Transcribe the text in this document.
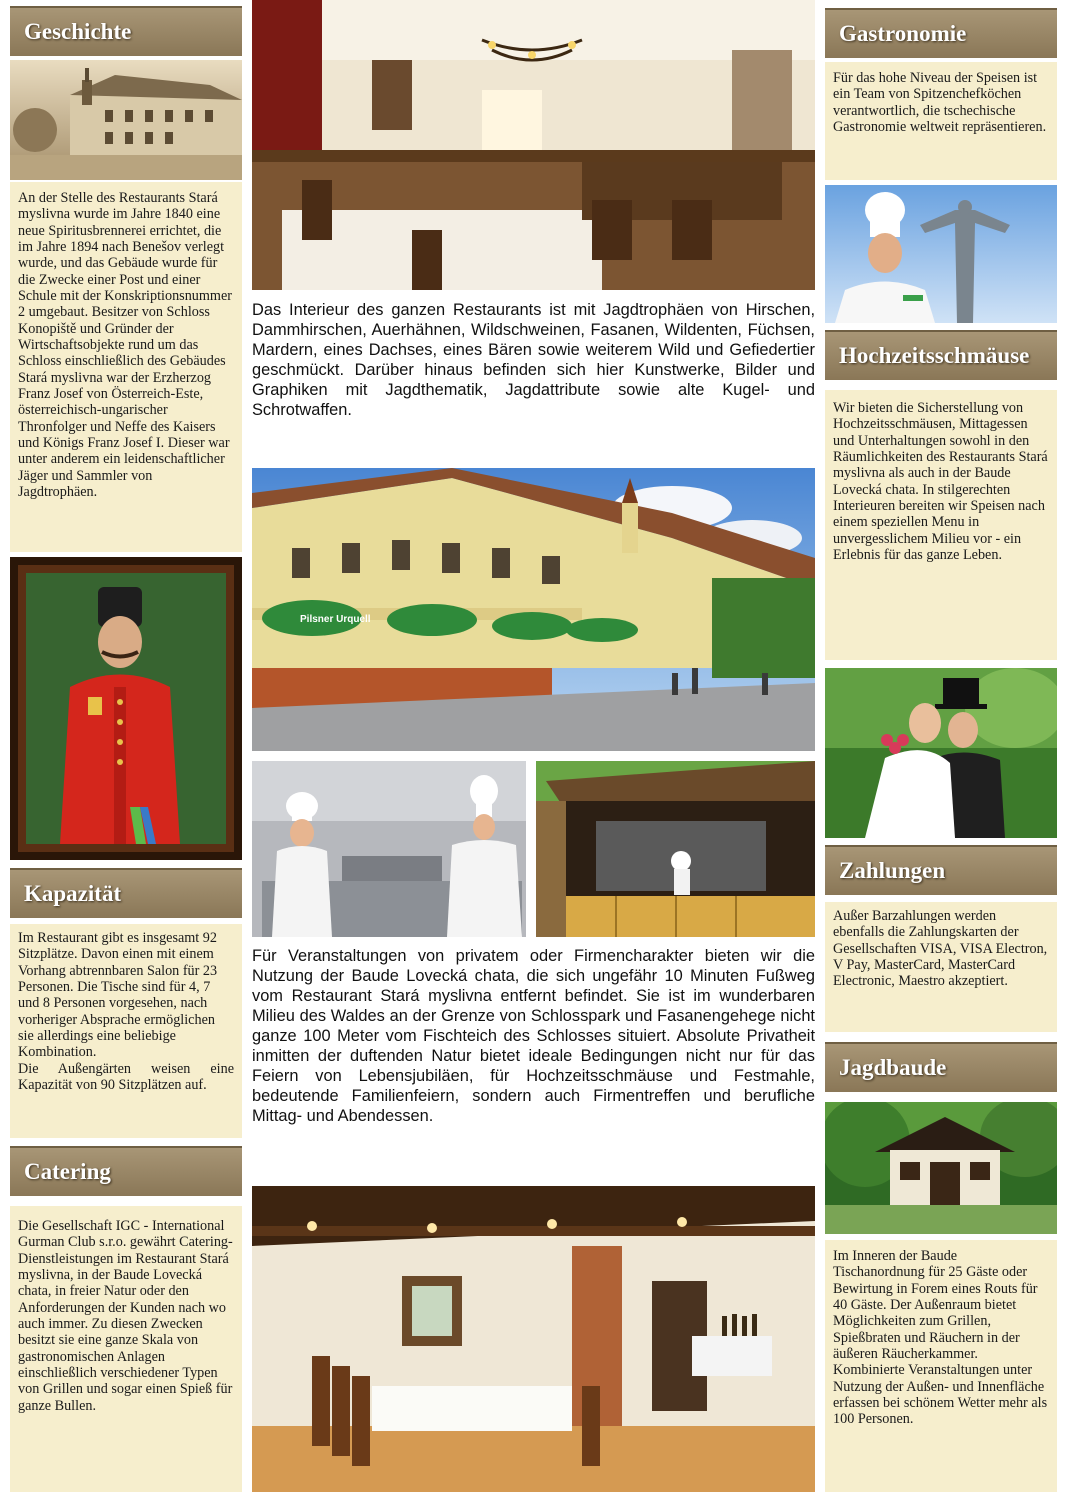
Geschichte
An der Stelle des Restaurants Stará myslivna wurde im Jahre 1840 eine neue Spiritusbrennerei errichtet, die im Jahre 1894 nach Benešov verlegt wurde, und das Gebäude wurde für die Zwecke einer Post und einer Schule mit der Konskriptionsnummer 2 umgebaut. Besitzer von Schloss Konopiště und Gründer der Wirtschaftsobjekte rund um das Schloss einschließlich des Gebäudes Stará myslivna war der Erzherzog Franz Josef von Österreich-Este, österreichisch-ungarischer Thronfolger und Neffe des Kaisers und Königs Franz Josef I. Dieser war unter anderem ein leidenschaftlicher Jäger und Sammler von Jagdtrophäen.
Kapazität
Im Restaurant gibt es insgesamt 92 Sitzplätze. Davon einen mit einem Vorhang abtrennbaren Salon für 23 Personen. Die Tische sind für 4, 7 und 8 Personen vorgesehen, nach vorheriger Absprache ermöglichen sie allerdings eine beliebige Kombination.
Die Außengärten weisen eine Kapazität von 90 Sitzplätzen auf.
Catering
Die Gesellschaft IGC - International Gurman Club s.r.o. gewährt Catering-Dienstleistungen im Restaurant Stará myslivna, in der Baude Lovecká chata, in freier Natur oder den Anforderungen der Kunden nach wo auch immer. Zu diesen Zwecken besitzt sie eine ganze Skala von gastronomischen Anlagen einschließlich verschiedener Typen von Grillen und sogar einen Spieß für ganze Bullen.
Das Interieur des ganzen Restaurants ist mit Jagdtrophäen von Hirschen, Dammhirschen, Auerhähnen, Wildschweinen, Fasanen, Wildenten, Füchsen, Mardern, eines Dachses, eines Bären sowie weiterem Wild und Gefiedertier geschmückt. Darüber hinaus befinden sich hier Kunstwerke, Bilder und Graphiken mit Jagdthematik, Jagdattribute sowie alte Kugel- und Schrotwaffen.
Pilsner Urquell
Für Veranstaltungen von privatem oder Firmencharakter bieten wir die Nutzung der Baude Lovecká chata, die sich ungefähr 10 Minuten Fußweg vom Restaurant Stará myslivna entfernt befindet. Sie ist im wunderbaren Milieu des Waldes an der Grenze von Schlosspark und Fasanengehege nicht ganze 100 Meter vom Fischteich des Schlosses situiert. Absolute Privatheit inmitten der duftenden Natur bietet ideale Bedingungen nicht nur für das Feiern von Lebensjubiläen, für Hochzeitsschmäuse und Festmahle, bedeutende Familienfeiern, sondern auch Firmentreffen und berufliche Mittag- und Abendessen.
Gastronomie
Für das hohe Niveau der Speisen ist ein Team von Spitzenchefköchen verantwortlich, die tschechische Gastronomie weltweit repräsentieren.
Hochzeitsschmäuse
Wir bieten die Sicherstellung von Hochzeitsschmäusen, Mittagessen und Unterhaltungen sowohl in den Räumlichkeiten des Restaurants Stará myslivna als auch in der Baude Lovecká chata. In stilgerechten Interieuren bereiten wir Speisen nach einem speziellen Menu in unvergesslichem Milieu vor - ein Erlebnis für das ganze Leben.
Zahlungen
Außer Barzahlungen werden ebenfalls die Zahlungskarten der Gesellschaften VISA, VISA Electron, V Pay, MasterCard, MasterCard Electronic, Maestro akzeptiert.
Jagdbaude
Im Inneren der Baude Tischanordnung für 25 Gäste oder Bewirtung in Forem eines Routs für 40 Gäste. Der Außenraum bietet Möglichkeiten zum Grillen, Spießbraten und Räuchern in der äußeren Räucherkammer. Kombinierte Veranstaltungen unter Nutzung der Außen- und Innenfläche erfassen bei schönem Wetter mehr als 100 Personen.
